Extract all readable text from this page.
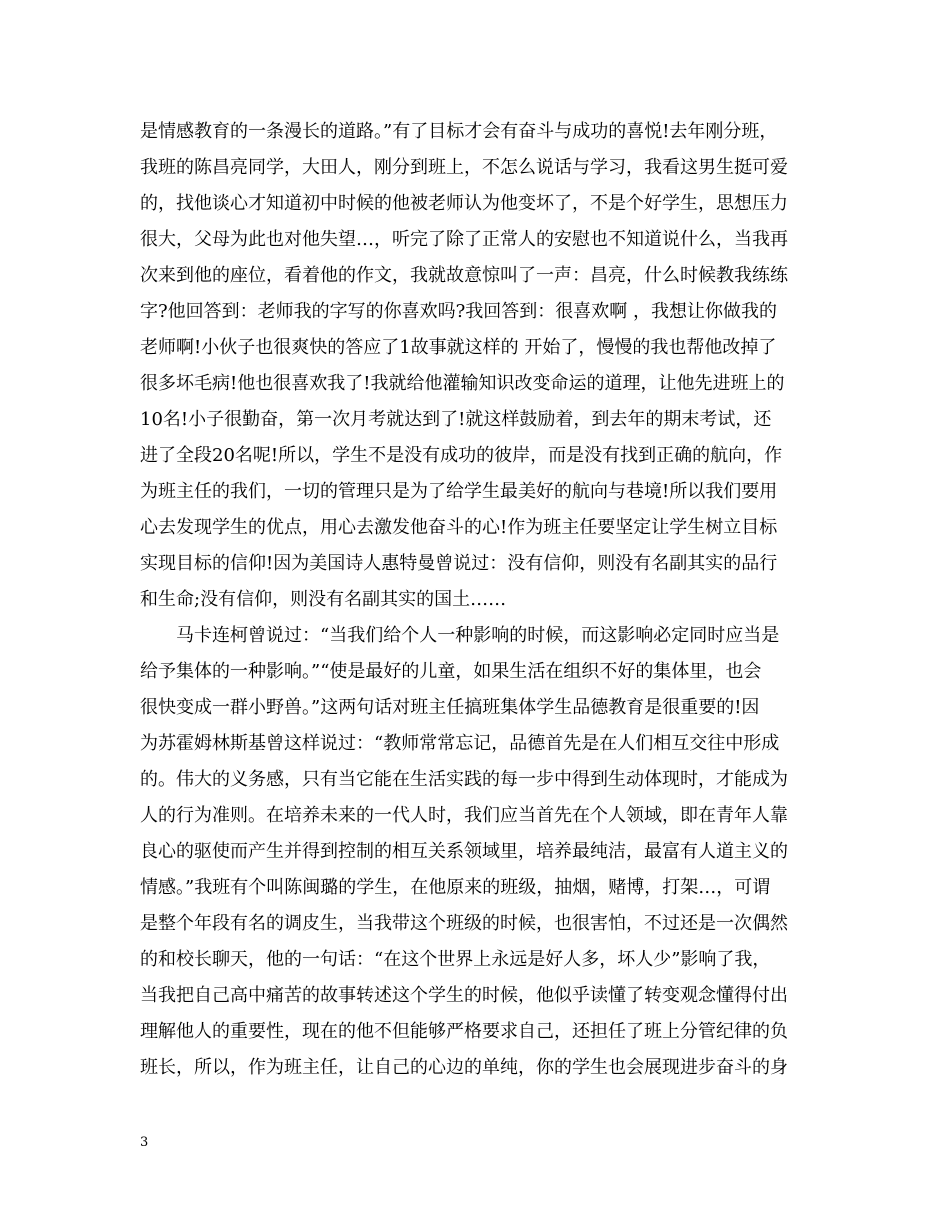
是情感教育的一条漫长的道路。”有了目标才会有奋斗与成功的喜悦!去年刚分班，
我班的陈昌亮同学，大田人，刚分到班上，不怎么说话与学习，我看这男生挺可爱
的，找他谈心才知道初中时候的他被老师认为他变坏了，不是个好学生，思想压力
很大，父母为此也对他失望…，听完了除了正常人的安慰也不知道说什么，当我再
次来到他的座位，看着他的作文，我就故意惊叫了一声：昌亮，什么时候教我练练
字?他回答到：老师我的字写的你喜欢吗?我回答到：很喜欢啊 ，我想让你做我的
老师啊!小伙子也很爽快的答应了1故事就这样的 开始了，慢慢的我也帮他改掉了
很多坏毛病!他也很喜欢我了!我就给他灌输知识改变命运的道理，让他先进班上的
10名!小子很勤奋，第一次月考就达到了!就这样鼓励着，到去年的期末考试，还
进了全段20名呢!所以，学生不是没有成功的彼岸，而是没有找到正确的航向，作
为班主任的我们，一切的管理只是为了给学生最美好的航向与巷境!所以我们要用
心去发现学生的优点，用心去激发他奋斗的心!作为班主任要坚定让学生树立目标
实现目标的信仰!因为美国诗人惠特曼曾说过：没有信仰，则没有名副其实的品行
和生命;没有信仰，则没有名副其实的国土……
马卡连柯曾说过：“当我们给个人一种影响的时候，而这影响必定同时应当是
给予集体的一种影响。”“使是最好的儿童，如果生活在组织不好的集体里，也会
很快变成一群小野兽。”这两句话对班主任搞班集体学生品德教育是很重要的!因
为苏霍姆林斯基曾这样说过：“教师常常忘记，品德首先是在人们相互交往中形成
的。伟大的义务感，只有当它能在生活实践的每一步中得到生动体现时，才能成为
人的行为准则。在培养未来的一代人时，我们应当首先在个人领域，即在青年人靠
良心的驱使而产生并得到控制的相互关系领域里，培养最纯洁，最富有人道主义的
情感。”我班有个叫陈闽璐的学生，在他原来的班级，抽烟，赌博，打架…，可谓
是整个年段有名的调皮生，当我带这个班级的时候，也很害怕，不过还是一次偶然
的和校长聊天，他的一句话：“在这个世界上永远是好人多，坏人少”影响了我，
当我把自己高中痛苦的故事转述这个学生的时候，他似乎读懂了转变观念懂得付出
理解他人的重要性，现在的他不但能够严格要求自己，还担任了班上分管纪律的负
班长，所以，作为班主任，让自己的心边的单纯，你的学生也会展现进步奋斗的身
3
